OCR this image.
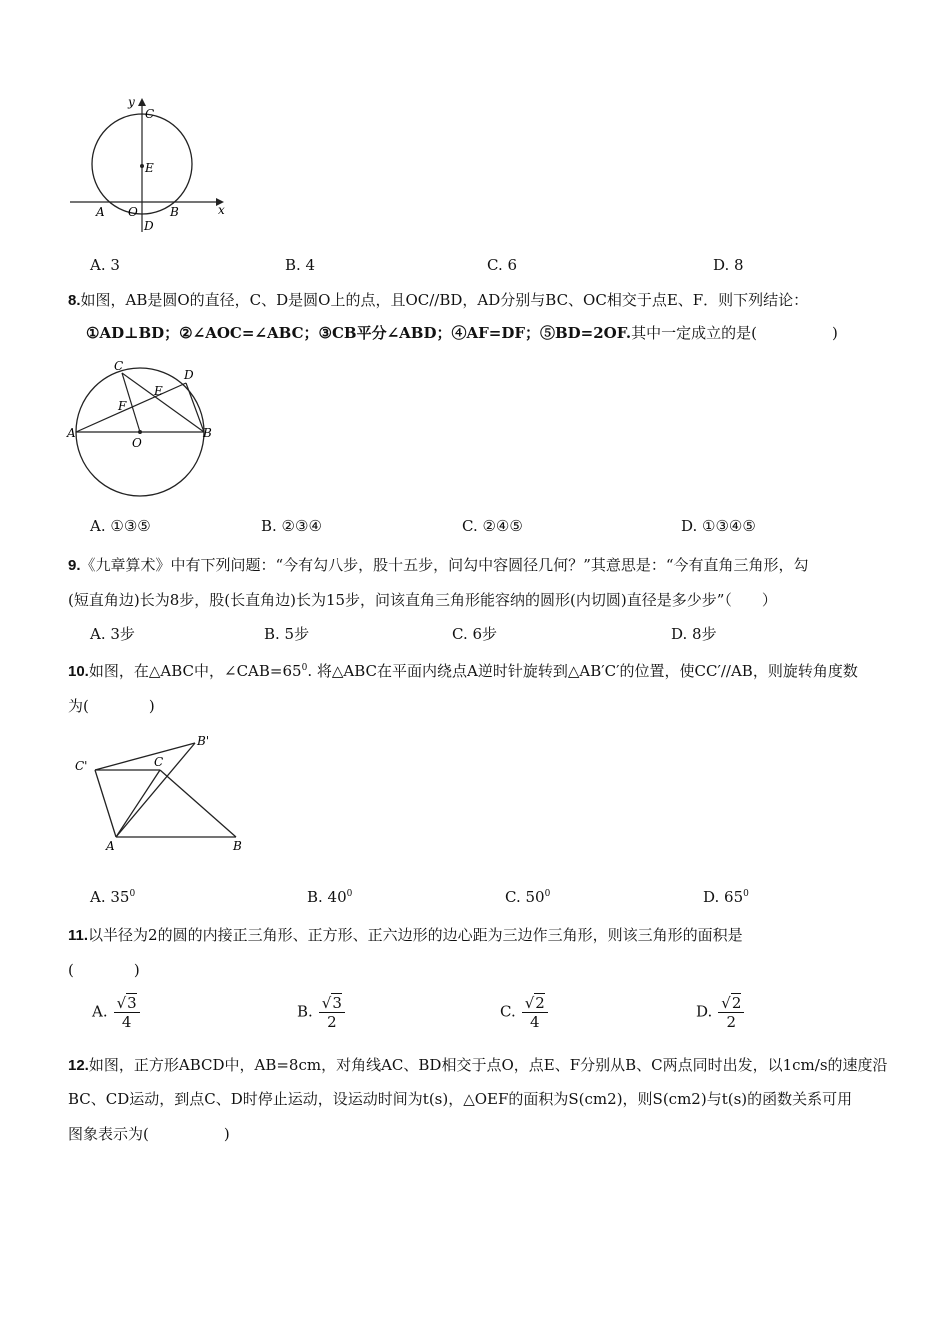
y
C
E
A O	B
D
x
A. 3	B. 4	C. 6	D. 8
8.如图，AB是圆O的直径，C、D是圆O上的点，且OC//BD，AD分别与BC、OC相交于点E、F．则下列结论：
①AD⊥BD；②∠AOC=∠ABC；③CB平分∠ABD；④AF=DF；⑤BD=2OF.其中一定成立的是(　　　　　)
C
D
E
F
A
O
B
A. ①③⑤	B. ②③④	C. ②④⑤	D. ①③④⑤
9.《九章算术》中有下列问题：“今有勾八步，股十五步，问勾中容圆径几何？”其意思是：“今有直角三角形，勾
(短直角边)长为8步，股(长直角边)长为15步，问该直角三角形能容纳的圆形(内切圆)直径是多少步”（　　）
A. 3步	B. 5步	C. 6步	D. 8步
10.如图，在△ABC中，$\angle CAB=65^0$. 将△ABC在平面内绕点A逆时针旋转到△AB′C′的位置，使CC′//AB，则旋转角度数
为(　　　　)
C'	C
B'
A	B
A. $35^0$	B. $40^0$	C. $50^0$	D. $65^0$
11.以半径为2的圆的内接正三角形、正方形、正六边形的边心距为三边作三角形，则该三角形的面积是
(　　　　)
A. $\frac{√3}{4}$	B. $\frac{√3}{2}$	C. $\frac{√2}{4}$	D. $\frac{√2}{2}$
12.如图，正方形ABCD中，AB=8cm，对角线AC、BD相交于点O，点E、F分别从B、C两点同时出发，以1cm/s的速度沿
BC、CD运动，到点C、D时停止运动，设运动时间为t(s)，△OEF的面积为S(cm2)，则S(cm2)与t(s)的函数关系可用
图象表示为(　　　　　)
